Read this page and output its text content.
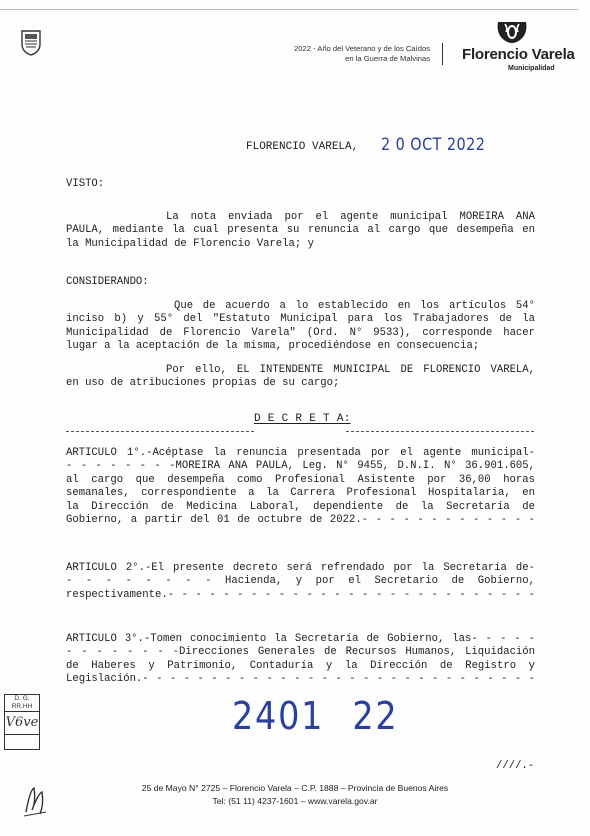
2022 - Año del Veterano y de los Caídos
en la Guerra de Malvinas Florencio Varela
Municipalidad
FLORENCIO VARELA, 2 0 OCT 2022
VISTO:
La nota enviada por el agente municipal MOREIRA ANA
PAULA, mediante la cual presenta su renuncia al cargo que desempeña en
la Municipalidad de Florencio Varela; y
CONSIDERANDO:
Que de acuerdo a lo establecido en los artículos 54°
inciso b) y 55° del "Estatuto Municipal para los Trabajadores de la
Municipalidad de Florencio Varela" (Ord. N° 9533), corresponde hacer
lugar a la aceptación de la misma, procediéndose en consecuencia;
Por ello, EL INTENDENTE MUNICIPAL DE FLORENCIO VARELA,
en uso de atribuciones propias de su cargo;
D E C R E T A:
ARTICULO 1°.-Acéptase la renuncia presentada por el agente municipal-
- - - - - - - -MOREIRA ANA PAULA, Leg. N° 9455, D.N.I. N° 36.901.605,
al cargo que desempeña como Profesional Asistente por 36,00 horas
semanales, correspondiente a la Carrera Profesional Hospitalaria, en
la Dirección de Medicina Laboral, dependiente de la Secretaría de
Gobierno, a partir del 01 de octubre de 2022.- - - - - - - - - - - - -
ARTICULO 2°.-El presente decreto será refrendado por la Secretaría de-
- - - - - - - - Hacienda, y por el Secretario de Gobierno,
respectivamente.- - - - - - - - - - - - - - - - - - - - - - - - - - -
ARTICULO 3°.-Tomen conocimiento la Secretaría de Gobierno, las- - - - -
- - - - - - - -Direcciones Generales de Recursos Humanos, Liquidación
de Haberes y Patrimonio, Contaduría y la Dirección de Registro y
Legislación.- - - - - - - - - - - - - - - - - - - - - - - - - - - - -
2401 22
D. G.
RR.HH
V6ve
////.-
25 de Mayo N° 2725 – Florencio Varela – C.P. 1888 – Provincia de Buenos Aires
Tel: (51 11) 4237-1601 – www.varela.gov.ar
